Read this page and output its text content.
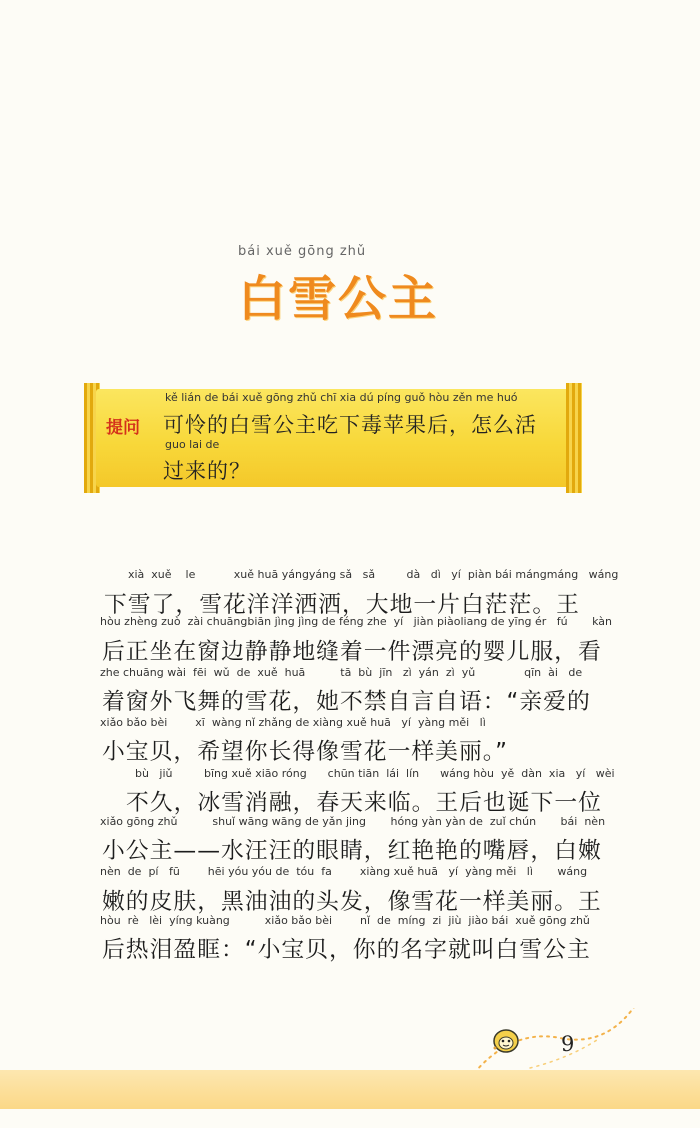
bái xuě gōng zhǔ
白雪公主
提问
kě lián de bái xuě gōng zhǔ chī xia dú píng guǒ hòu zěn me huó
可怜的白雪公主吃下毒苹果后，怎么活
guo lai de
过来的？
xià  xuě    le           xuě huā yángyáng sǎ   sǎ         dà   dì   yí  piàn bái mángmáng   wáng
下雪了，雪花洋洋洒洒，大地一片白茫茫。王
hòu zhèng zuò  zài chuāngbiān jìng jìng de féng zhe  yí   jiàn piàoliang de yīng ér   fú       kàn
后正坐在窗边静静地缝着一件漂亮的婴儿服，看
zhe chuāng wài  fēi  wǔ  de  xuě  huā          tā  bù  jīn   zì  yán  zì  yǔ              qīn  ài   de
着窗外飞舞的雪花，她不禁自言自语：“亲爱的
xiǎo bǎo bèi        xī  wàng nǐ zhǎng de xiàng xuě huā   yí  yàng měi   lì
小宝贝，希望你长得像雪花一样美丽。”
bù   jiǔ         bīng xuě xiāo róng      chūn tiān  lái  lín      wáng hòu  yě  dàn  xia   yí   wèi
不久，冰雪消融，春天来临。王后也诞下一位
xiǎo gōng zhǔ          shuǐ wāng wāng de yǎn jing       hóng yàn yàn de  zuǐ chún       bái  nèn
小公主——水汪汪的眼睛，红艳艳的嘴唇，白嫩
nèn  de  pí   fū        hēi yóu yóu de  tóu  fa        xiàng xuě huā   yí  yàng měi   lì       wáng
嫩的皮肤，黑油油的头发，像雪花一样美丽。王
hòu  rè   lèi  yíng kuàng          xiǎo bǎo bèi        nǐ  de  míng  zi  jiù  jiào bái  xuě gōng zhǔ
后热泪盈眶：“小宝贝，你的名字就叫白雪公主
9
